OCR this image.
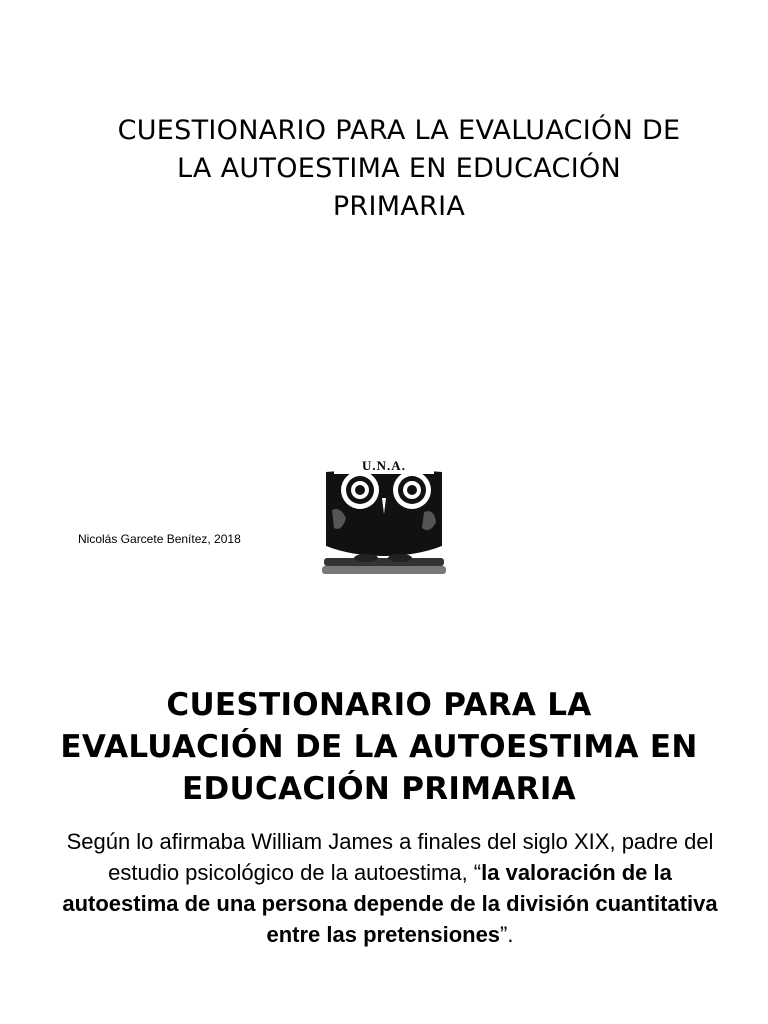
CUESTIONARIO PARA LA EVALUACIÓN DE
LA AUTOESTIMA EN EDUCACIÓN
PRIMARIA
Nicolás Garcete Benítez, 2018
U.N.A.
CUESTIONARIO PARA LA
EVALUACIÓN DE LA AUTOESTIMA EN
EDUCACIÓN PRIMARIA

Según lo afirmaba William James a finales del siglo XIX, padre del estudio psicológico de la autoestima, “la valoración de la autoestima de una persona depende de la división cuantitativa entre las pretensiones”.
